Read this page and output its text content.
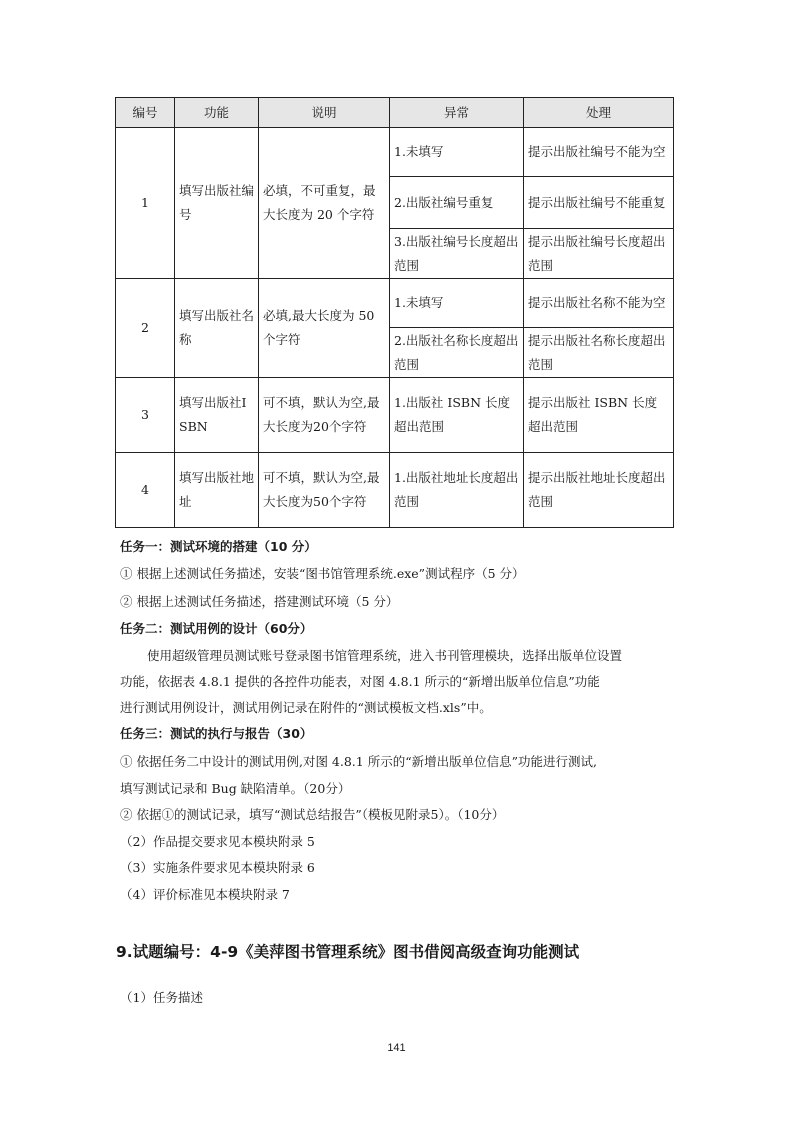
编号	功能	说明	异常	处理
1	填写出版社编号	必填，不可重复，最大长度为 20 个字符	1.未填写	提示出版社编号不能为空
			2.出版社编号重复	提示出版社编号不能重复
			3.出版社编号长度超出范围	提示出版社编号长度超出范围
2	填写出版社名称	必填,最大长度为 50 个字符	1.未填写	提示出版社名称不能为空
			2.出版社名称长度超出范围	提示出版社名称长度超出范围
3	填写出版社ISBN	可不填，默认为空,最大长度为20个字符	1.出版社 ISBN 长度超出范围	提示出版社 ISBN 长度超出范围
4	填写出版社地址	可不填，默认为空,最大长度为50个字符	1.出版社地址长度超出范围	提示出版社地址长度超出范围
任务一：测试环境的搭建（10 分）
① 根据上述测试任务描述，安装“图书馆管理系统.exe”测试程序（5 分）
② 根据上述测试任务描述，搭建测试环境（5 分）
任务二：测试用例的设计（60分）
使用超级管理员测试账号登录图书馆管理系统，进入书刊管理模块，选择出版单位设置
功能，依据表 4.8.1 提供的各控件功能表，对图 4.8.1 所示的“新增出版单位信息”功能
进行测试用例设计，测试用例记录在附件的“测试模板文档.xls”中。
任务三：测试的执行与报告（30）
① 依据任务二中设计的测试用例,对图 4.8.1 所示的“新增出版单位信息”功能进行测试,
填写测试记录和 Bug 缺陷清单。（20分）
② 依据①的测试记录，填写“测试总结报告”（模板见附录5）。（10分）
（2）作品提交要求见本模块附录 5
（3）实施条件要求见本模块附录 6
（4）评价标准见本模块附录 7
9.试题编号：4-9《美萍图书管理系统》图书借阅高级查询功能测试
（1）任务描述
141
